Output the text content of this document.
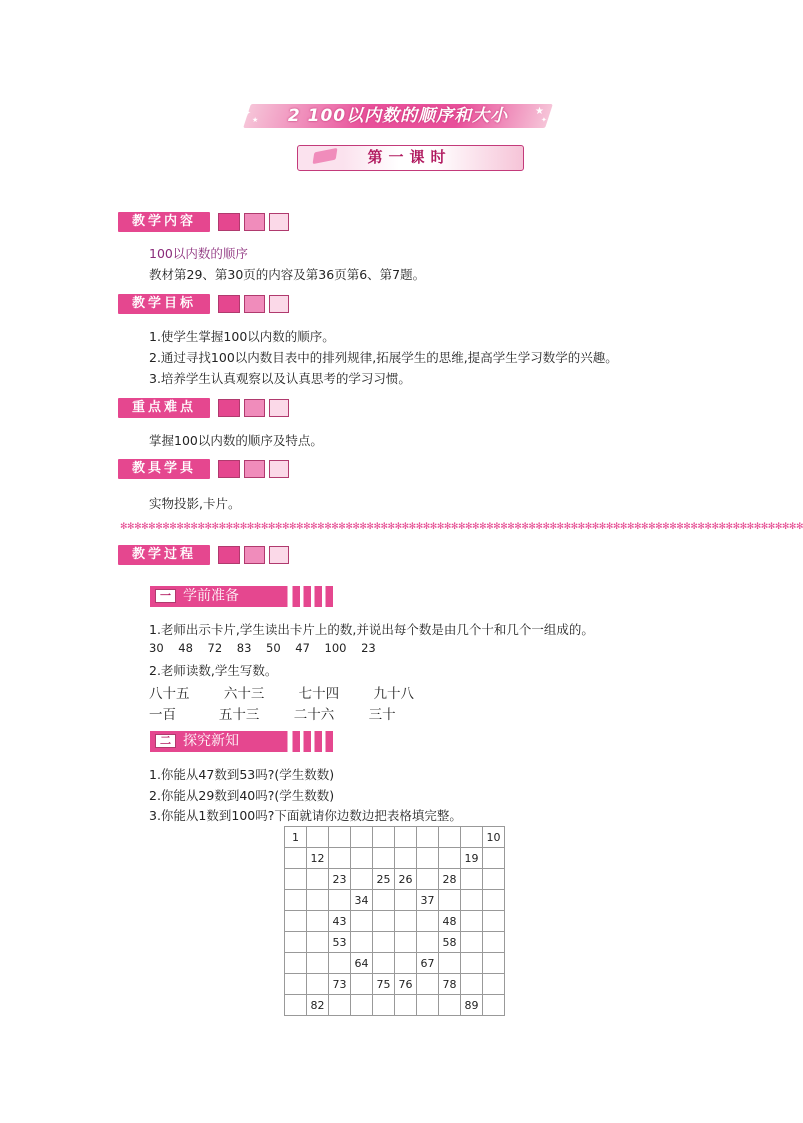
2 100以内数的顺序和大小
✦
★
★
✦
第一课时
教学内容
100以内数的顺序
教材第29、第30页的内容及第36页第6、第7题。
教学目标
1.使学生掌握100以内数的顺序。
2.通过寻找100以内数目表中的排列规律,拓展学生的思维,提高学生学习数学的兴趣。
3.培养学生认真观察以及认真思考的学习习惯。
重点难点
掌握100以内数的顺序及特点。
教具学具
实物投影,卡片。
✻✻✻✻✻✻✻✻✻✻✻✻✻✻✻✻✻✻✻✻✻✻✻✻✻✻✻✻✻✻✻✻✻✻✻✻✻✻✻✻✻✻✻✻✻✻✻✻✻✻✻✻✻✻✻✻✻✻✻✻✻✻✻✻✻✻✻✻✻✻✻✻✻✻✻✻✻✻✻✻✻✻✻✻✻✻✻✻✻✻✻✻✻✻✻✻✻
教学过程
一 学前准备
1.老师出示卡片,学生读出卡片上的数,并说出每个数是由几个十和几个一组成的。
30    48    72    83    50    47    100    23
2.老师读数,学生写数。
八十五        六十三        七十四        九十八
一百          五十三        二十六        三十
二 探究新知
1.你能从47数到53吗?(学生数数)
2.你能从29数到40吗?(学生数数)
3.你能从1数到100吗?下面就请你边数边把表格填完整。
1									10
	12							19	
		23		25	26		28		
			34			37			
		43					48		
		53					58		
			64			67			
		73		75	76		78		
	82							89	
